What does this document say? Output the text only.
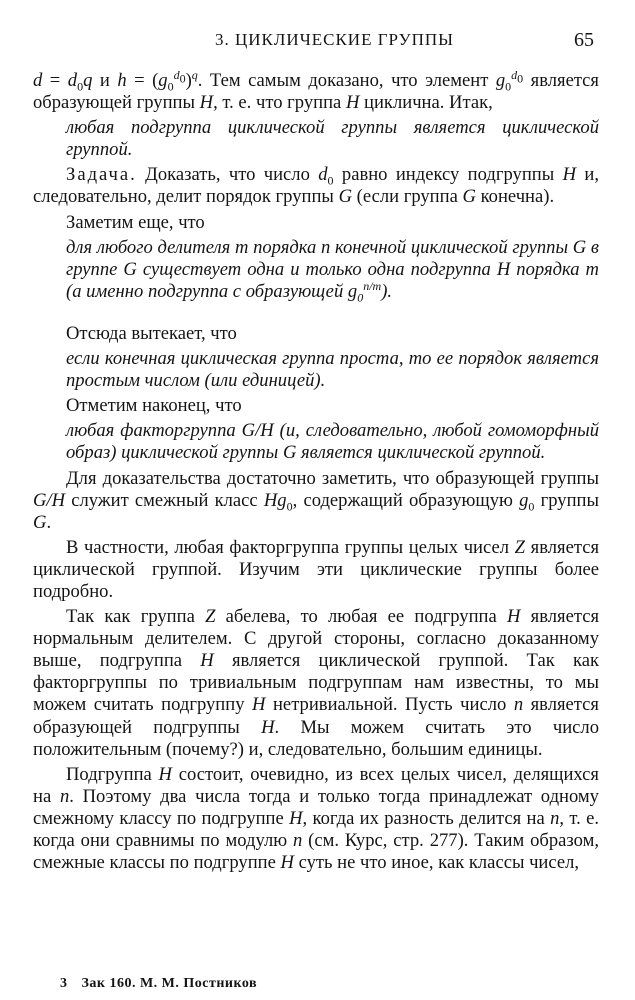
3. ЦИКЛИЧЕСКИЕ ГРУППЫ	65

$d = d_0q$ и $h = (g_0^{d_0})^q$. Тем самым доказано, что элемент $g_0^{d_0}$ является образующей группы H, т. е. что группа H циклична. Итак,

любая подгруппа циклической группы является циклической группой.

Задача. Доказать, что число $d_0$ равно индексу подгруппы H и, следовательно, делит порядок группы G (если группа G конечна).

Заметим еще, что

для любого делителя m порядка n конечной циклической группы G в группе G существует одна и только одна подгруппа H порядка m (а именно подгруппа с образующей $g_0^{n/m}$).

Отсюда вытекает, что

если конечная циклическая группа проста, то ее порядок является простым числом (или единицей).

Отметим наконец, что

любая факторгруппа G/H (и, следовательно, любой гомоморфный образ) циклической группы G является циклической группой.

Для доказательства достаточно заметить, что образующей группы G/H служит смежный класс $Hg_0$, содержащий образующую $g_0$ группы G.

В частности, любая факторгруппа группы целых чисел Z является циклической группой. Изучим эти циклические группы более подробно.

Так как группа Z абелева, то любая ее подгруппа H является нормальным делителем. С другой стороны, согласно доказанному выше, подгруппа H является циклической группой. Так как факторгруппы по тривиальным подгруппам нам известны, то мы можем считать подгруппу H нетривиальной. Пусть число n является образующей подгруппы H. Мы можем считать это число положительным (почему?) и, следовательно, большим единицы.

Подгруппа H состоит, очевидно, из всех целых чисел, делящихся на n. Поэтому два числа тогда и только тогда принадлежат одному смежному классу по подгруппе H, когда их разность делится на n, т. е. когда они сравнимы по модулю n (см. Курс, стр. 277). Таким образом, смежные классы по подгруппе H суть не что иное, как классы чисел,

3 Зак 160. М. М. Постников
